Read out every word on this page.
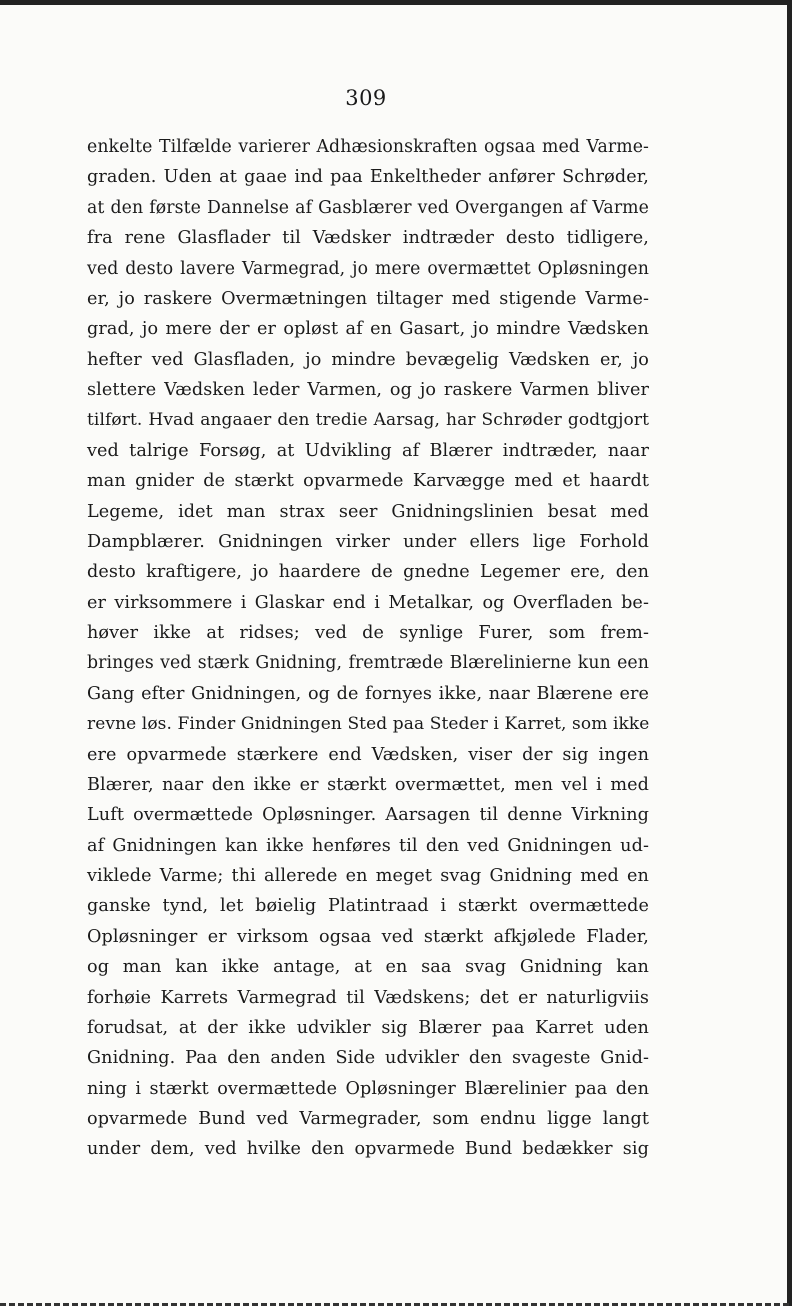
309
enkelte Tilfælde varierer Adhæsionskraften ogsaa med Varme-
graden. Uden at gaae ind paa Enkeltheder anfører Schrøder,
at den første Dannelse af Gasblærer ved Overgangen af Varme
fra rene Glasflader til Vædsker indtræder desto tidligere,
ved desto lavere Varmegrad, jo mere overmættet Opløsningen
er, jo raskere Overmætningen tiltager med stigende Varme-
grad, jo mere der er opløst af en Gasart, jo mindre Vædsken
hefter ved Glasfladen, jo mindre bevægelig Vædsken er, jo
slettere Vædsken leder Varmen, og jo raskere Varmen bliver
tilført. Hvad angaaer den tredie Aarsag, har Schrøder godtgjort
ved talrige Forsøg, at Udvikling af Blærer indtræder, naar
man gnider de stærkt opvarmede Karvægge med et haardt
Legeme, idet man strax seer Gnidningslinien besat med
Dampblærer. Gnidningen virker under ellers lige Forhold
desto kraftigere, jo haardere de gnedne Legemer ere, den
er virksommere i Glaskar end i Metalkar, og Overfladen be-
høver ikke at ridses; ved de synlige Furer, som frem-
bringes ved stærk Gnidning, fremtræde Blærelinierne kun een
Gang efter Gnidningen, og de fornyes ikke, naar Blærene ere
revne løs. Finder Gnidningen Sted paa Steder i Karret, som ikke
ere opvarmede stærkere end Vædsken, viser der sig ingen
Blærer, naar den ikke er stærkt overmættet, men vel i med
Luft overmættede Opløsninger. Aarsagen til denne Virkning
af Gnidningen kan ikke henføres til den ved Gnidningen ud-
viklede Varme; thi allerede en meget svag Gnidning med en
ganske tynd, let bøielig Platintraad i stærkt overmættede
Opløsninger er virksom ogsaa ved stærkt afkjølede Flader,
og man kan ikke antage, at en saa svag Gnidning kan
forhøie Karrets Varmegrad til Vædskens; det er naturligviis
forudsat, at der ikke udvikler sig Blærer paa Karret uden
Gnidning. Paa den anden Side udvikler den svageste Gnid-
ning i stærkt overmættede Opløsninger Blærelinier paa den
opvarmede Bund ved Varmegrader, som endnu ligge langt
under dem, ved hvilke den opvarmede Bund bedækker sig
